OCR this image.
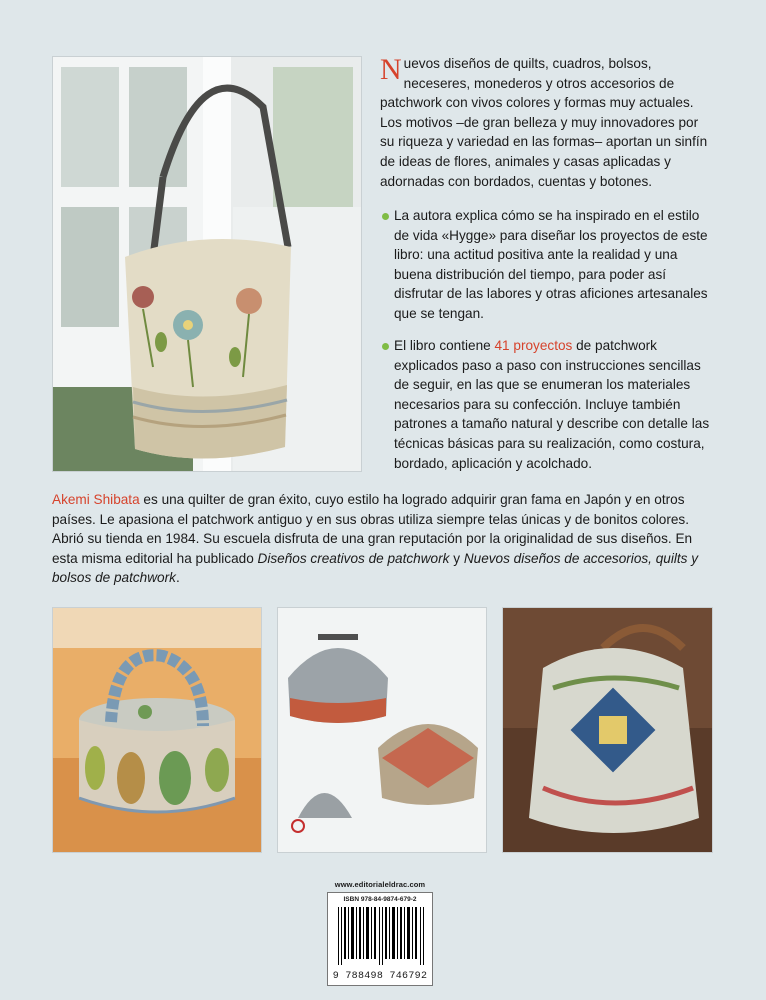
Nuevos diseños de quilts, cuadros, bolsos, neceseres, monederos y otros accesorios de patchwork con vivos colores y formas muy actuales. Los motivos –de gran belleza y muy innovadores por su riqueza y variedad en las formas– aportan un sinfín de ideas de flores, animales y casas aplicadas y adornadas con bordados, cuentas y botones.
La autora explica cómo se ha inspirado en el estilo de vida «Hygge» para diseñar los proyectos de este libro: una actitud positiva ante la realidad y una buena distribución del tiempo, para poder así disfrutar de las labores y otras aficiones artesanales que se tengan.
El libro contiene 41 proyectos de patchwork explicados paso a paso con instrucciones sencillas de seguir, en las que se enumeran los materiales necesarios para su confección. Incluye también patrones a tamaño natural y describe con detalle las técnicas básicas para su realización, como costura, bordado, aplicación y acolchado.
Akemi Shibata es una quilter de gran éxito, cuyo estilo ha logrado adquirir gran fama en Japón y en otros países. Le apasiona el patchwork antiguo y en sus obras utiliza siempre telas únicas y de bonitos colores. Abrió su tienda en 1984. Su escuela disfruta de una gran reputación por la originalidad de sus diseños. En esta misma editorial ha publicado Diseños creativos de patchwork y Nuevos diseños de accesorios, quilts y bolsos de patchwork.
www.editorialeldrac.com
ISBN 978-84-9874-679-2
9 788498 746792
